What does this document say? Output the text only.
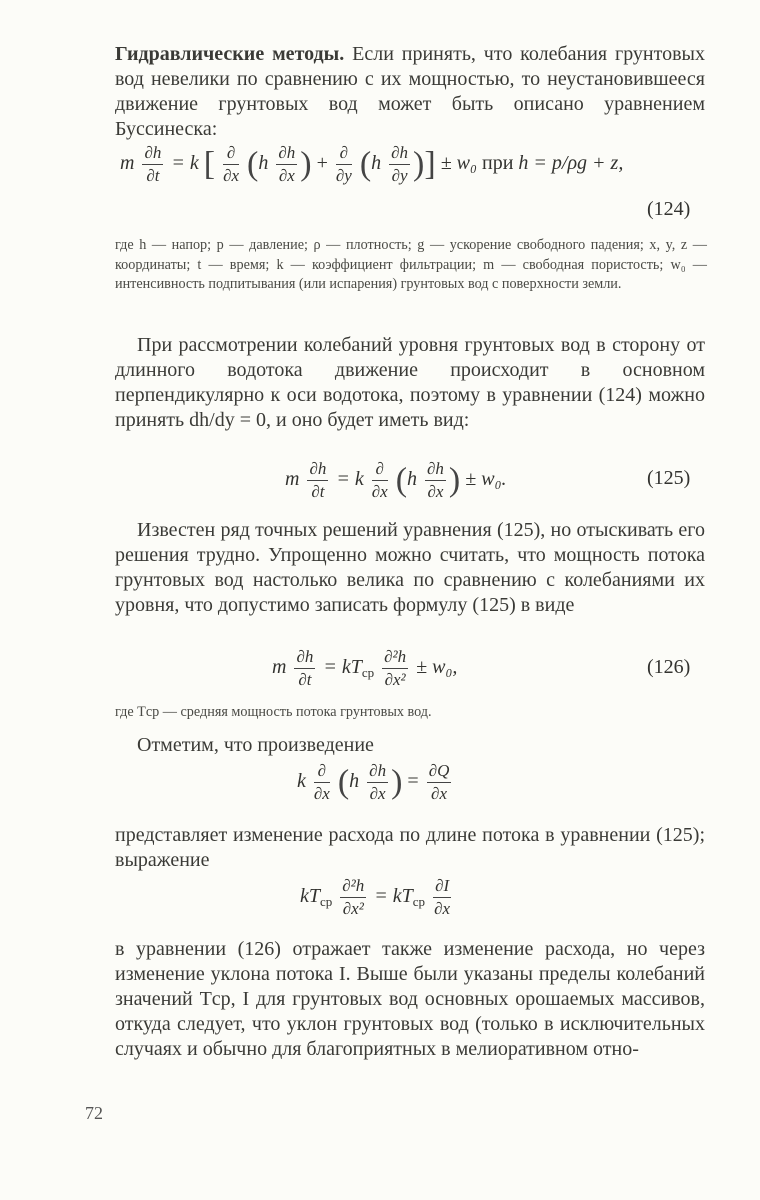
Гидравлические методы. Если принять, что колебания грунтовых вод невелики по сравнению с их мощностью, то неустановившееся движение грунтовых вод может быть описано уравнением Буссинеска:

m $\frac{\partial h}{\partial t} = k$ [ $\frac{\partial}{\partial x} (h \frac{\partial h}{\partial x}$ ) + $\frac{\partial}{\partial y} (h \frac{\partial h}{\partial y}$ )] ± w₀ при h = p/ρg + z,
(124)

где h — напор; p — давление; ρ — плотность; g — ускорение свободного падения; x, y, z — координаты; t — время; k — коэффициент фильтрации; m — свободная пористость; w₀ — интенсивность подпитывания (или испарения) грунтовых вод с поверхности земли.

При рассмотрении колебаний уровня грунтовых вод в сторону от длинного водотока движение происходит в основном перпендикулярно к оси водотока, поэтому в уравнении (124) можно принять dh/dy = 0, и оно будет иметь вид:

m $\frac{\partial h}{\partial t} = k \frac{\partial}{\partial x} (h \frac{\partial h}{\partial x}$ ) ± w₀.	(125)

Известен ряд точных решений уравнения (125), но отыскивать его решения трудно. Упрощенно можно считать, что мощность потока грунтовых вод настолько велика по сравнению с колебаниями их уровня, что допустимо записать формулу (125) в виде

m $\frac{\partial h}{\partial t} = kT_{ср} \frac{\text{∂²h}}{\text{∂x²}} \pm w_0$,	(126)

где Tср — средняя мощность потока грунтовых вод.

Отметим, что произведение

k $\frac{\partial}{\partial x} (h \frac{\partial h}{\partial x}$ ) = $\frac{\partial Q}{\partial x}$

представляет изменение расхода по длине потока в уравнении (125); выражение

$kT_{ср} \frac{\text{∂²h}}{\text{∂x²}} = kT_{ср} \frac{\partial I}{\partial x}$

в уравнении (126) отражает также изменение расхода, но через изменение уклона потока I. Выше были указаны пределы колебаний значений Tср, I для грунтовых вод основных орошаемых массивов, откуда следует, что уклон грунтовых вод (только в исключительных случаях и обычно для благоприятных в мелиоративном отно-

72
